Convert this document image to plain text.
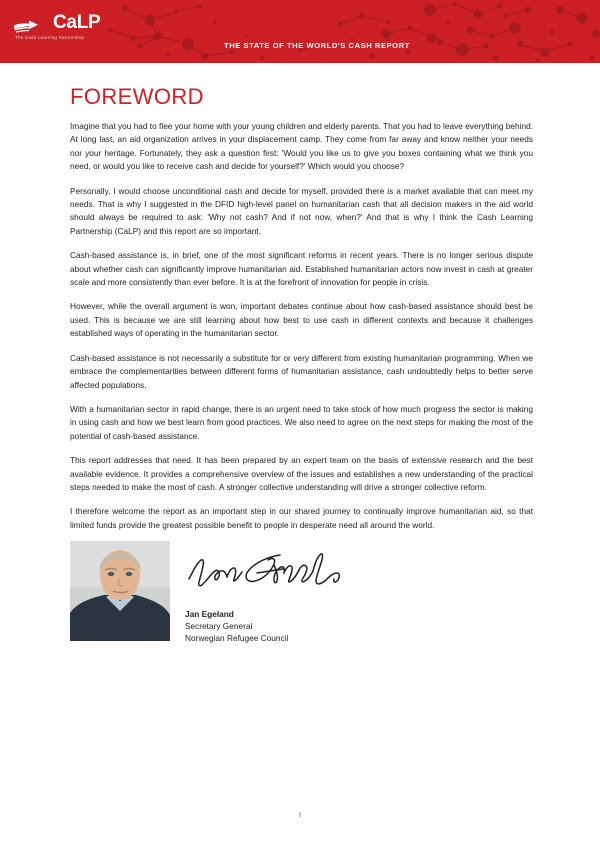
CaLP
The Cash Learning Partnership
THE STATE OF THE WORLD'S CASH REPORT
FOREWORD

Imagine that you had to flee your home with your young children and elderly parents. That you had to leave everything behind. At long last, an aid organization arrives in your displacement camp. They come from far away and know neither your needs nor your heritage. Fortunately, they ask a question first: 'Would you like us to give you boxes containing what we think you need, or would you like to receive cash and decide for yourself?' Which would you choose?

Personally, I would choose unconditional cash and decide for myself, provided there is a market available that can meet my needs. That is why I suggested in the DFID high-level panel on humanitarian cash that all decision makers in the aid world should always be required to ask: 'Why not cash? And if not now, when?' And that is why I think the Cash Learning Partnership (CaLP) and this report are so important.

Cash-based assistance is, in brief, one of the most significant reforms in recent years. There is no longer serious dispute about whether cash can significantly improve humanitarian aid. Established humanitarian actors now invest in cash at greater scale and more consistently than ever before. It is at the forefront of innovation for people in crisis.

However, while the overall argument is won, important debates continue about how cash-based assistance should best be used. This is because we are still learning about how best to use cash in different contexts and because it challenges established ways of operating in the humanitarian sector.

Cash-based assistance is not necessarily a substitute for or very different from existing humanitarian programming. When we embrace the complementarities between different forms of humanitarian assistance, cash undoubtedly helps to better serve affected populations.

With a humanitarian sector in rapid change, there is an urgent need to take stock of how much progress the sector is making in using cash and how we best learn from good practices. We also need to agree on the next steps for making the most of the potential of cash-based assistance.

This report addresses that need. It has been prepared by an expert team on the basis of extensive research and the best available evidence. It provides a comprehensive overview of the issues and establishes a new understanding of the practical steps needed to make the most of cash. A stronger collective understanding will drive a stronger collective reform.

I therefore welcome the report as an important step in our shared journey to continually improve humanitarian aid, so that limited funds provide the greatest possible benefit to people in desperate need all around the world.

Jan Egeland
Secretary General
Norwegian Refugee Council
I
